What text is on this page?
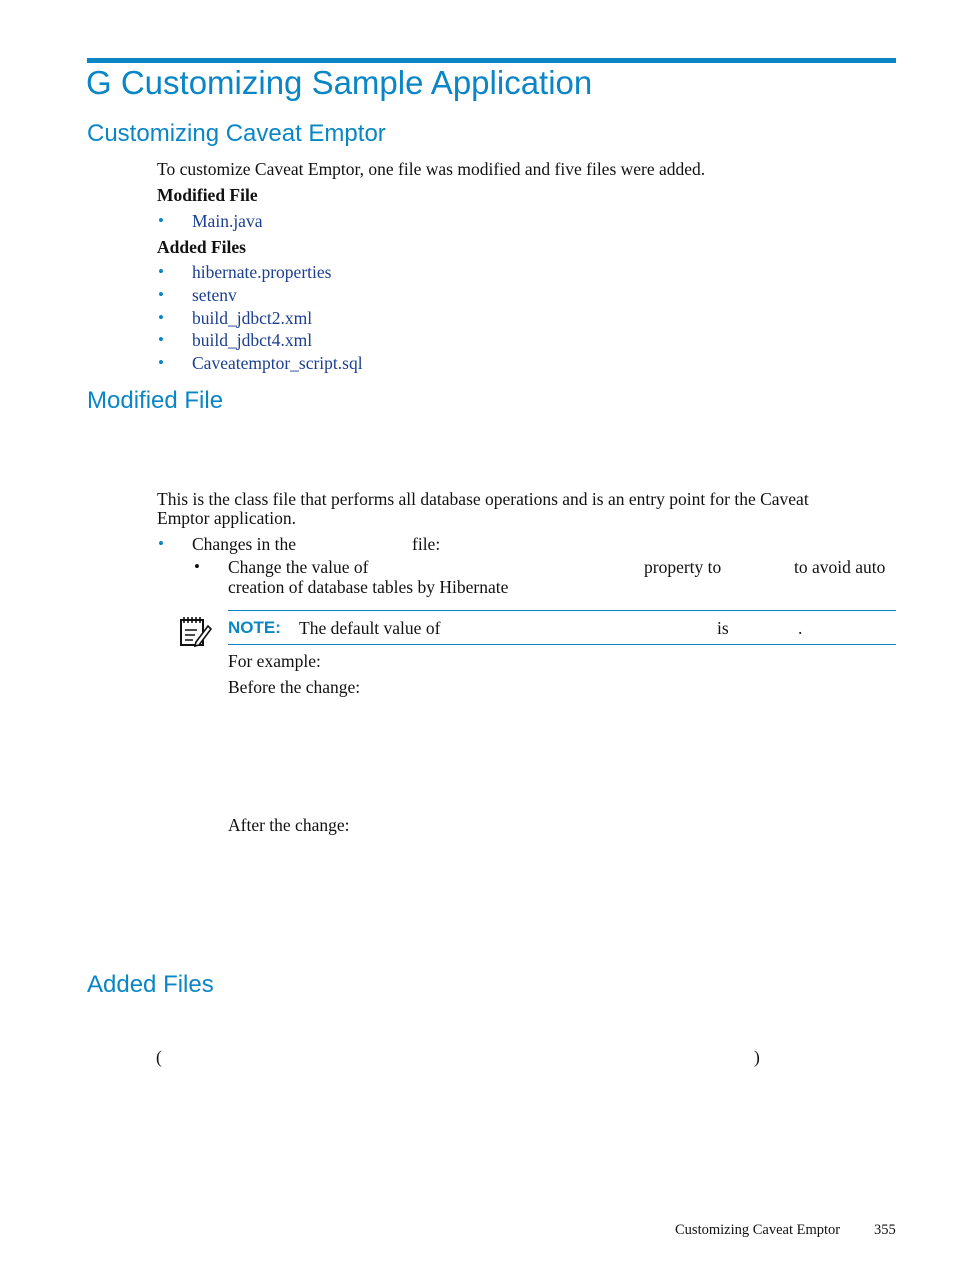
G Customizing Sample Application
Customizing Caveat Emptor
To customize Caveat Emptor, one file was modified and five files were added.
Modified File
• Main.java
Added Files
• hibernate.properties
• setenv
• build_jdbct2.xml
• build_jdbct4.xml
• Caveatemptor_script.sql
Modified File
This is the class file that performs all database operations and is an entry point for the Caveat
Emptor application.
• Changes in the	file:
• Change the value of	property to	to avoid auto
creation of database tables by Hibernate
NOTE: The default value of	is	.
For example:
Before the change:
After the change:
Added Files
(	)
Customizing Caveat Emptor 355
